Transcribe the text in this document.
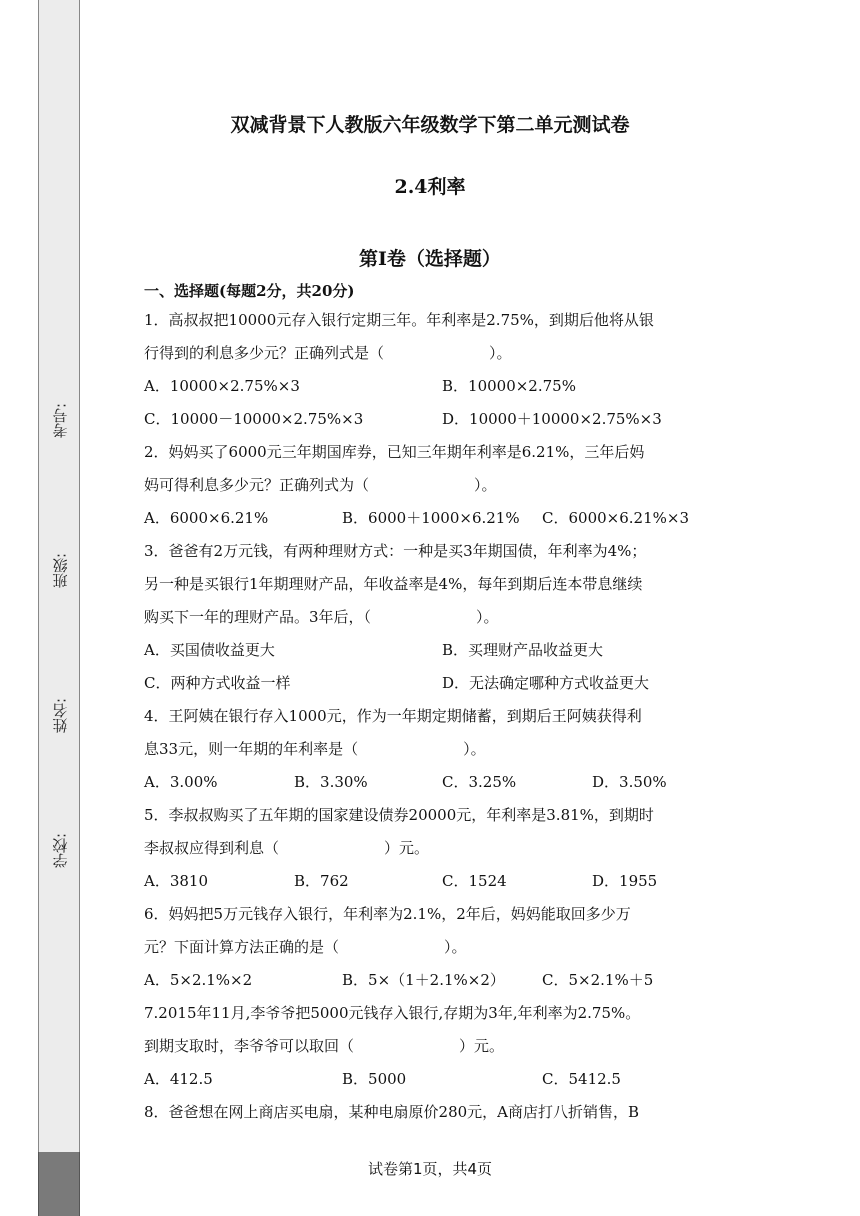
考号:
班级:
姓名:
学校:
双减背景下人教版六年级数学下第二单元测试卷
2.4利率
第Ⅰ卷（选择题）
一、选择题(每题2分，共20分)
1．高叔叔把10000元存入银行定期三年。年利率是2.75%，到期后他将从银
行得到的利息多少元？正确列式是（　　　　　　　）。
A．10000×2.75%×3	B．10000×2.75%
C．10000－10000×2.75%×3	D．10000＋10000×2.75%×3
2．妈妈买了6000元三年期国库券，已知三年期年利率是6.21%，三年后妈
妈可得利息多少元？正确列式为（　　　　　　　）。
A．6000×6.21%	B．6000＋1000×6.21% C．6000×6.21%×3
3．爸爸有2万元钱，有两种理财方式：一种是买3年期国债，年利率为4%；
另一种是买银行1年期理财产品，年收益率是4%，每年到期后连本带息继续
购买下一年的理财产品。3年后，（　　　　　　　）。
A．买国债收益更大	B．买理财产品收益更大
C．两种方式收益一样	D．无法确定哪种方式收益更大
4．王阿姨在银行存入1000元，作为一年期定期储蓄，到期后王阿姨获得利
息33元，则一年期的年利率是（　　　　　　　）。
A．3.00%	B．3.30%	C．3.25%	D．3.50%
5．李叔叔购买了五年期的国家建设债券20000元，年利率是3.81%，到期时
李叔叔应得到利息（　　　　　　　）元。
A．3810	B．762	C．1524	D．1955
6．妈妈把5万元钱存入银行，年利率为2.1%，2年后，妈妈能取回多少万
元？下面计算方法正确的是（　　　　　　　）。
A．5×2.1%×2	B．5×（1＋2.1%×2） C．5×2.1%＋5
7.2015年11月,李爷爷把5000元钱存入银行,存期为3年,年利率为2.75%。
到期支取时，李爷爷可以取回（　　　　　　　）元。
A．412.5	B．5000	C．5412.5
8．爸爸想在网上商店买电扇，某种电扇原价280元，A商店打八折销售，B
试卷第1页，共4页
